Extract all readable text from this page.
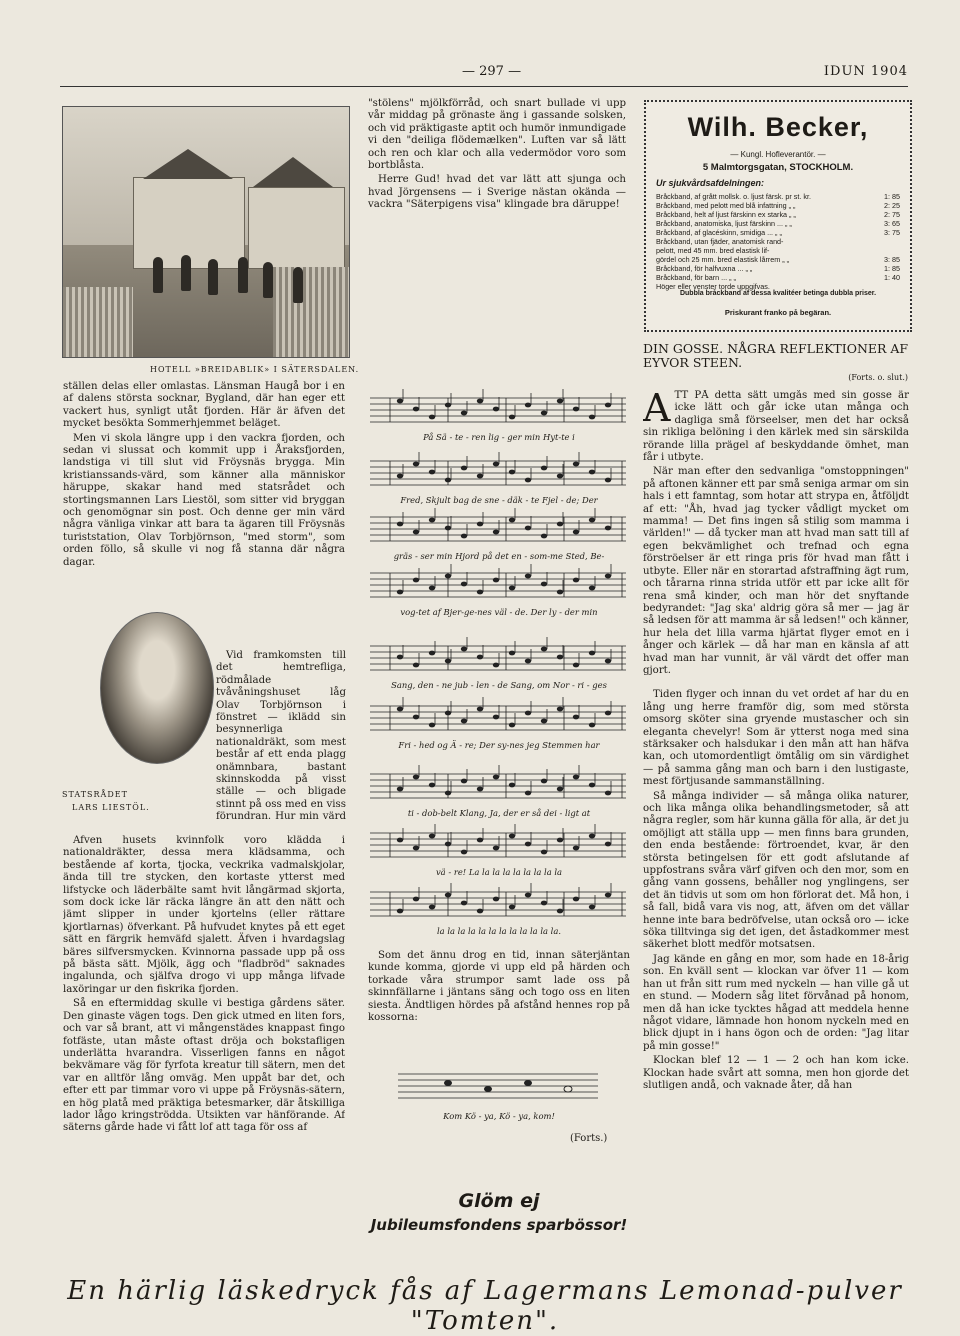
— 297 —	IDUN 1904
HOTELL »BREIDABLIK» I SÄTERSDALEN.

ställen delas eller omlastas. Länsman Haugå bor i en af dalens största socknar, Bygland, där han eger ett vackert hus, synligt utåt fjorden. Här är äfven det mycket besökta Sommerhjemmet beläget.

Men vi skola längre upp i den vackra fjorden, och sedan vi slussat och kommit upp i Åraksfjorden, landstiga vi till slut vid Fröysnäs brygga. Min kristianssands-värd, som känner alla människor häruppe, skakar hand med statsrådet och stortingsmannen Lars Liestöl, som sitter vid bryggan och genomögnar sin post. Och denne ger min värd några vänliga vinkar att bara ta ägaren till Fröysnäs turiststation, Olav Torbjörnson, "med storm", som orden föllo, så skulle vi nog få stanna där några dagar.

STATSRÅDET
LARS LIESTÖL.

Vid framkomsten till det hemtrefliga, rödmålade tvåvåningshuset låg Olav Torbjörnson i fönstret — iklädd sin besynnerliga nationaldräkt, som mest består af ett enda plagg onämnbara, bastant skinnskodda på visst ställe — och bligade stinnt på oss med en viss förundran. Hur min värd

Äfven husets kvinnfolk voro klädda i nationaldräkter, dessa mera klädsamma, och bestående af korta, tjocka, veckrika vadmalskjolar, ända till tre stycken, den kortaste ytterst med lifstycke och läderbälte samt hvit långärmad skjorta, som dock icke lär räcka längre än att den nätt och jämt slipper in under kjortelns (eller rättare kjortlarnas) öfverkant. På hufvudet knytes på ett eget sätt en färgrik hemväfd sjalett. Äfven i hvardagslag bäres silfversmycken. Kvinnorna passade upp på oss på bästa sätt. Mjölk, ägg och "fladbröd" saknades ingalunda, och själfva drogo vi upp många lifvade laxöringar ur den fiskrika fjorden.

Så en eftermiddag skulle vi bestiga gårdens säter. Den ginaste vägen togs. Den gick utmed en liten fors, och var så brant, att vi mångenstädes knappast fingo fotfäste, utan måste oftast dröja och bokstafligen underlätta hvarandra. Visserligen fanns en något bekvämare väg för fyrfota kreatur till sätern, men det var en alltför lång omväg. Men uppåt bar det, och efter ett par timmar voro vi uppe på Fröysnäs-sätern, en hög platå med präktiga betesmarker, där åtskilliga lador lågo kringströdda. Utsikten var hänförande. Af säterns gårde hade vi fått lof att taga för oss af

"stölens" mjölkförråd, och snart bullade vi upp vår middag på grönaste äng i gassande solsken, och vid präktigaste aptit och humör inmundigade vi den "deiliga flödemælken". Luften var så lätt och ren och klar och alla vedermödor voro som bortblåsta.

Herre Gud! hvad det var lätt att sjunga och hvad Jörgensens — i Sverige nästan okända — vackra "Säterpigens visa" klingade bra däruppe!

På Sä - te - ren lig - ger min Hyt-te i
Fred, Skjult bag de sne - däk - te Fjel - de; Der
gräs - ser min Hjord på det en - som-me Sted, Be-
vog-tet af Bjer-ge-nes väl - de. Der ly - der min
Sang, den - ne jub - len - de Sang, om Nor - ri - ges
Fri - hed og Ä - re; Der sy-nes jeg Stemmen har
ti - dob-belt Klang, Ja, der er så dei - ligt at
vä - re! La la la la la la la la la
la la la la la la la la la la la la.

Som det ännu drog en tid, innan säterjäntan kunde komma, gjorde vi upp eld på härden och torkade våra strumpor samt lade oss på skinnfällarne i jäntans säng och togo oss en liten siesta. Ändtligen hördes på afstånd hennes rop på kossorna:

Kom Kö - ya, Kö - ya, kom!
(Forts.)
Glöm ej
Jubileumsfondens sparbössor!
Wilh. Becker,
— Kungl. Hofleverantör. —
5 Malmtorgsgatan, STOCKHOLM.
Ur sjukvårdsafdelningen:
Bråckband, af grått mollsk. o. ljust färsk. pr st. kr.	1: 85
Bråckband, med pelott med blå infattning „ „	2: 25
Bråckband, helt af ljust färskinn ex starka „ „	2: 75
Bråckband, anatomiska, ljust färskinn ... „ „	3: 65
Bråckband, af glacéskinn, smidiga ... „ „	3: 75
Bråckband, utan fjäder, anatomisk rand-
pelott, med 45 mm. bred elastisk lif-
gördel och 25 mm. bred elastisk lårrem „ „	3: 85
Bråckband, för halfvuxna ... „ „	1: 85
Bråckband, för barn ... „ „	1: 40
Höger eller venster torde uppgifvas.
Dubbla bråckband af dessa kvalitéer betinga dubbla priser.
Priskurant franko på begäran.
DIN GOSSE. NÅGRA REFLEKTIONER AF EYVOR STEEN.
(Forts. o. slut.)

ATT PÅ detta sätt umgås med sin gosse är icke lätt och går icke utan många och dagliga små förseelser, men det har också sin rikliga belöning i den kärlek med sin särskilda rörande lilla prägel af beskyddande ömhet, man får i utbyte.

När man efter den sedvanliga "omstoppningen" på aftonen känner ett par små seniga armar om sin hals i ett famntag, som hotar att strypa en, åtföljdt af ett: "Åh, hvad jag tycker vådligt mycket om mamma! — Det fins ingen så stilig som mamma i världen!" — då tycker man att hvad man satt till af egen bekvämlighet och trefnad och egna förströelser är ett ringa pris för hvad man fått i utbyte. Eller när en storartad afstraffning ägt rum, och tårarna rinna strida utför ett par icke allt för rena små kinder, och man hör det snyftande bedyrandet: "Jag ska' aldrig göra så mer — jag är så ledsen för att mamma är så ledsen!" och känner, hur hela det lilla varma hjärtat flyger emot en i ånger och kärlek — då har man en känsla af att hvad man har vunnit, är väl värdt det offer man gjort.

Tiden flyger och innan du vet ordet af har du en lång ung herre framför dig, som med största omsorg sköter sina gryende mustascher och sin eleganta chevelyr! Som är ytterst noga med sina stärksaker och halsdukar i den mån att han häfva kan, och utomordentligt ömtålig om sin värdighet — på samma gång man och barn i den lustigaste, mest förtjusande sammanställning.

Så många individer — så många olika naturer, och lika många olika behandlingsmetoder, så att några regler, som här kunna gälla för alla, är det ju omöjligt att ställa upp — men finns bara grunden, den enda bestående: förtroendet, kvar, är den största betingelsen för ett godt afslutande af uppfostrans svåra värf gifven och den mor, som en gång vann gossens, behåller nog ynglingens, ser det än tidvis ut som om hon förlorat det. Må hon, i så fall, bidå vara vis nog, att, äfven om det vällar henne inte bara bedröfvelse, utan också oro — icke söka tilltvinga sig det igen, det åstadkommer mest säkerhet blott medför motsatsen.

Jag kände en gång en mor, som hade en 18-årig son. En kväll sent — klockan var öfver 11 — kom han ut från sitt rum med nyckeln — han ville gå ut en stund. — Modern såg litet förvånad på honom, men då han icke tycktes hågad att meddela henne något vidare, lämnade hon honom nyckeln med en blick djupt in i hans ögon och de orden: "Jag litar på min gosse!"

Klockan blef 12 — 1 — 2 och han kom icke. Klockan hade svårt att somna, men hon gjorde det slutligen andå, och vaknade åter, då han

En härlig läskedryck fås af Lagermans Lemonad-pulver "Tomten".
